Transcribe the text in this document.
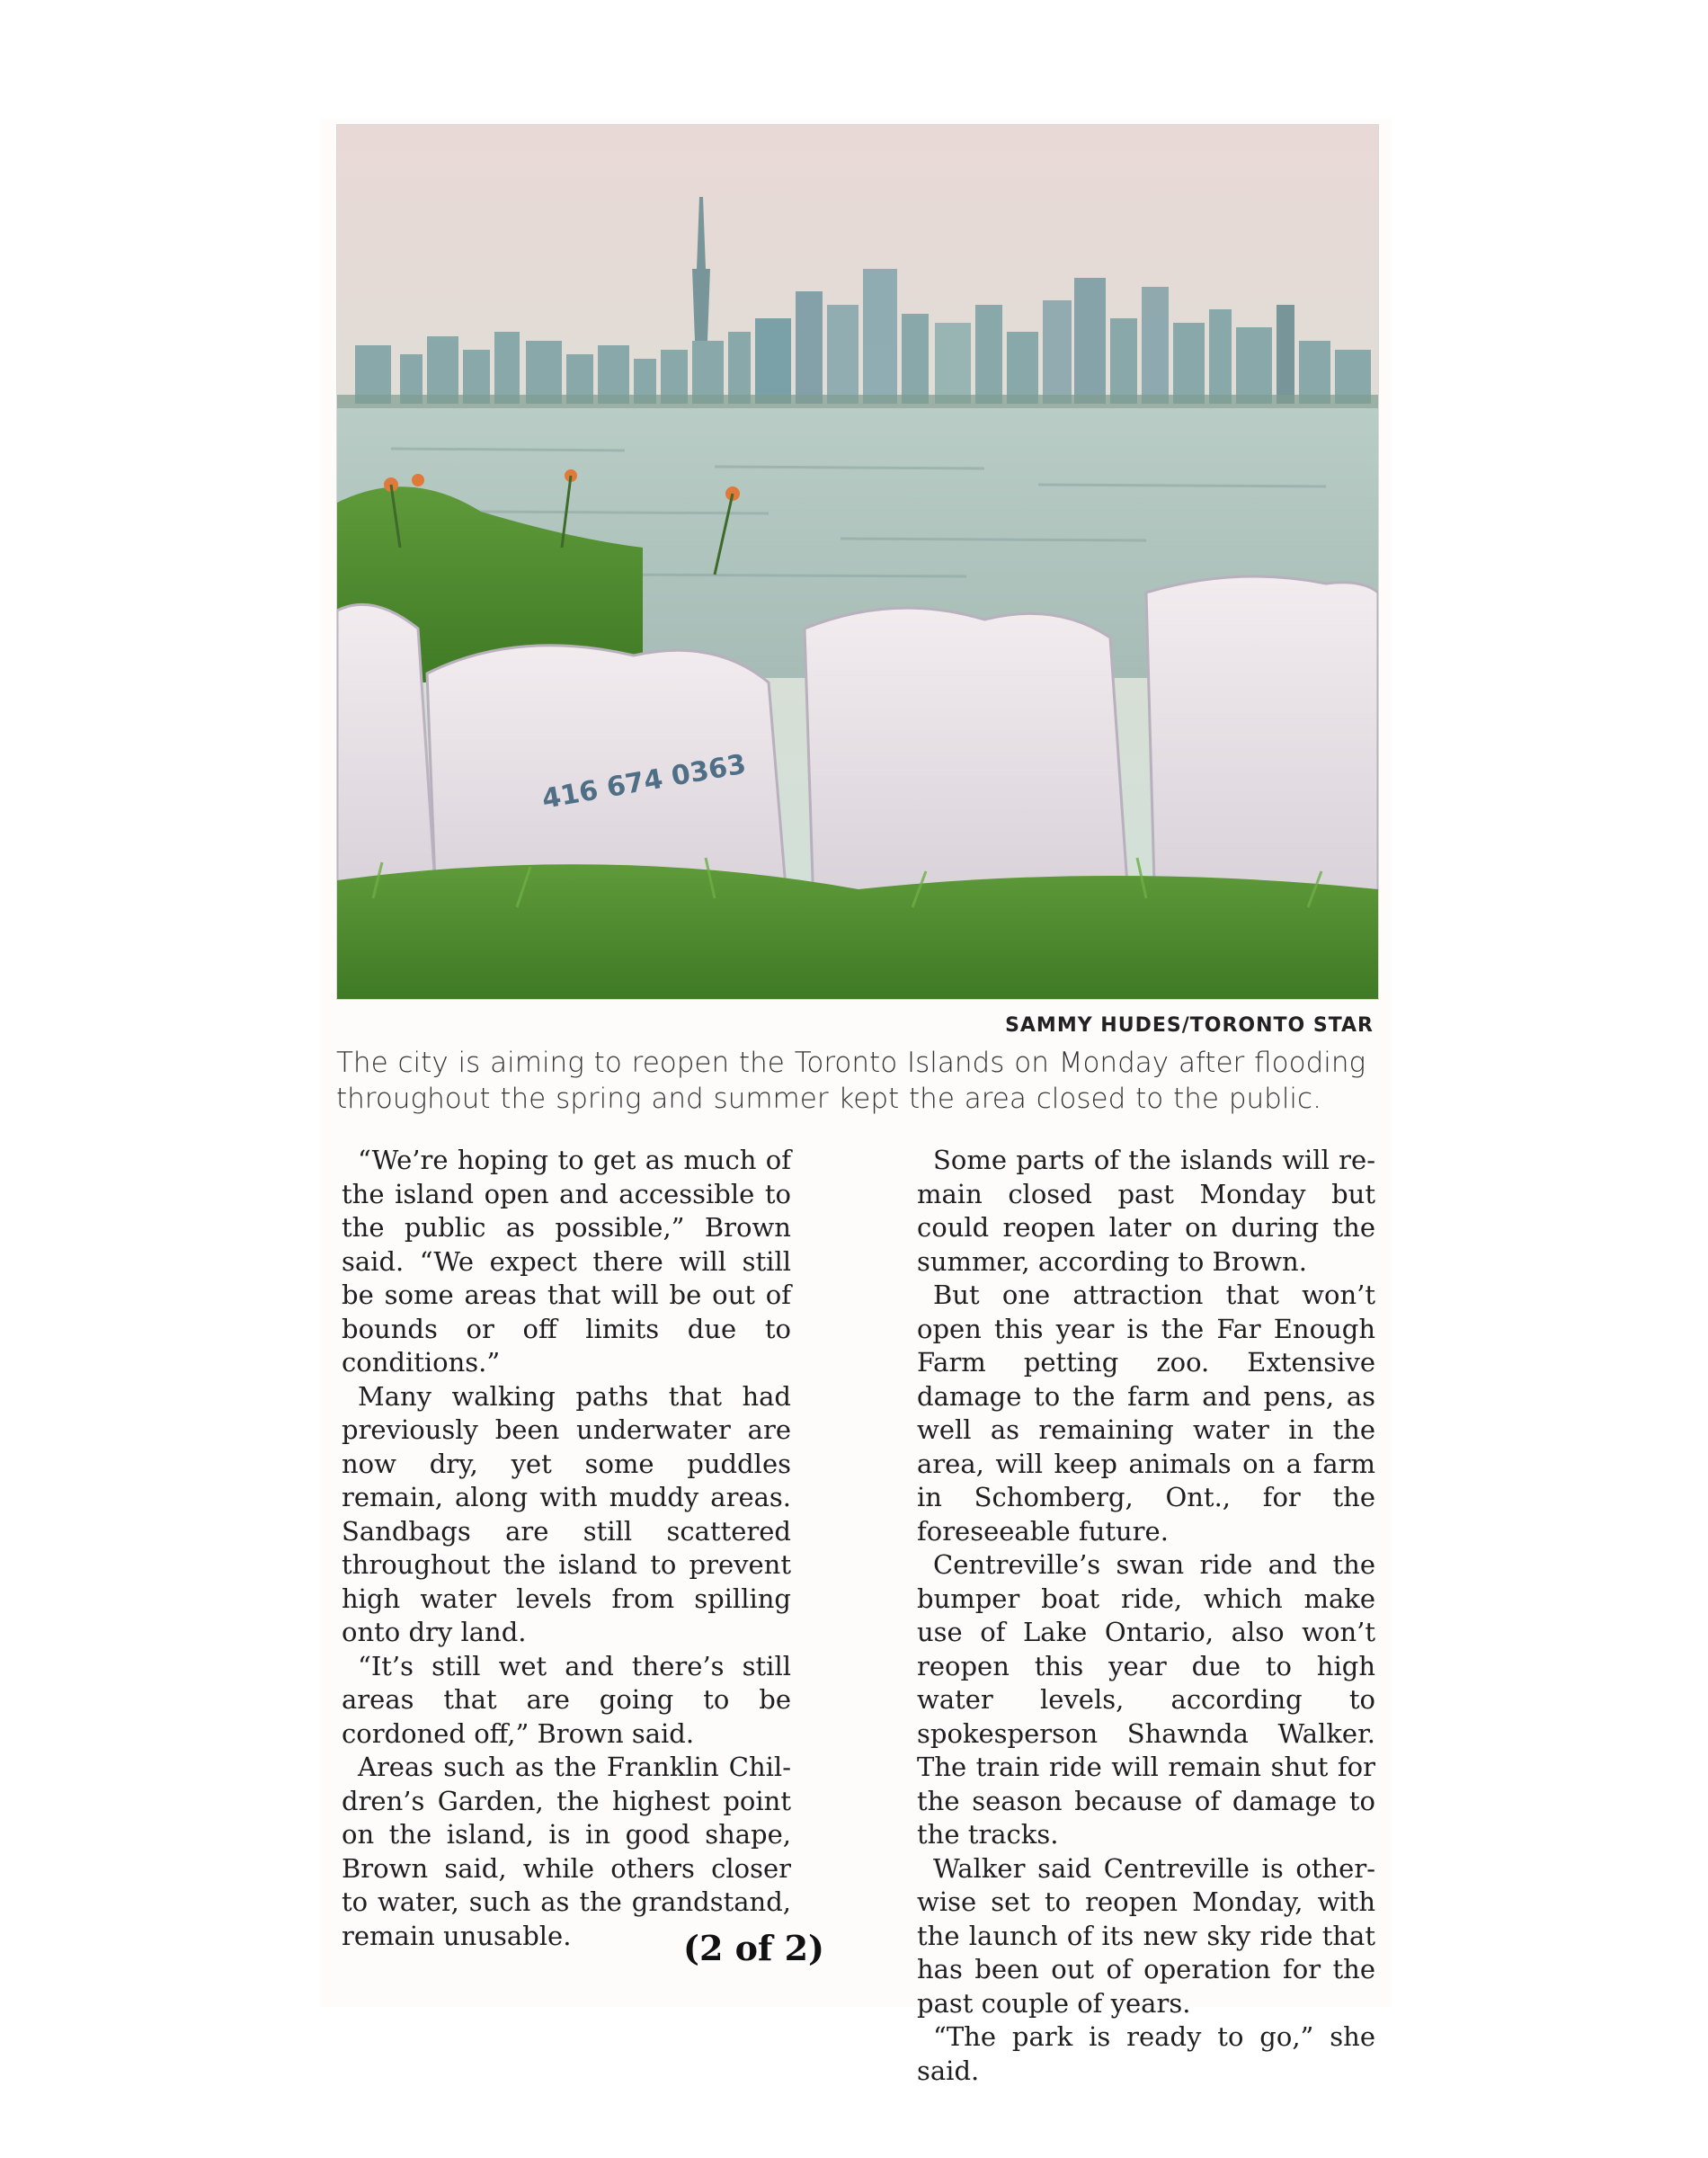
416 674 0363
SAMMY HUDES/TORONTO STAR
The city is aiming to reopen the Toronto Islands on Monday after flooding throughout the spring and summer kept the area closed to the public.

“We’re hoping to get as much of the island open and accessible to the public as possible,” Brown said. “We expect there will still be some areas that will be out of bounds or off limits due to conditions.”

Many walking paths that had previously been underwater are now dry, yet some puddles remain, along with muddy areas. Sandbags are still scattered throughout the island to prevent high water levels from spilling onto dry land.

“It’s still wet and there’s still areas that are going to be cordoned off,” Brown said.

Areas such as the Franklin Children’s Garden, the highest point on the island, is in good shape, Brown said, while others closer to water, such as the grandstand, remain unusable.

Some parts of the islands will remain closed past Monday but could reopen later on during the summer, according to Brown.

But one attraction that won’t open this year is the Far Enough Farm petting zoo. Extensive damage to the farm and pens, as well as remaining water in the area, will keep animals on a farm in Schomberg, Ont., for the foreseeable future.

Centreville’s swan ride and the bumper boat ride, which make use of Lake Ontario, also won’t reopen this year due to high water levels, according to spokesperson Shawnda Walker. The train ride will remain shut for the season because of damage to the tracks.

Walker said Centreville is otherwise set to reopen Monday, with the launch of its new sky ride that has been out of operation for the past couple of years.

“The park is ready to go,” she said.

(2 of 2)
